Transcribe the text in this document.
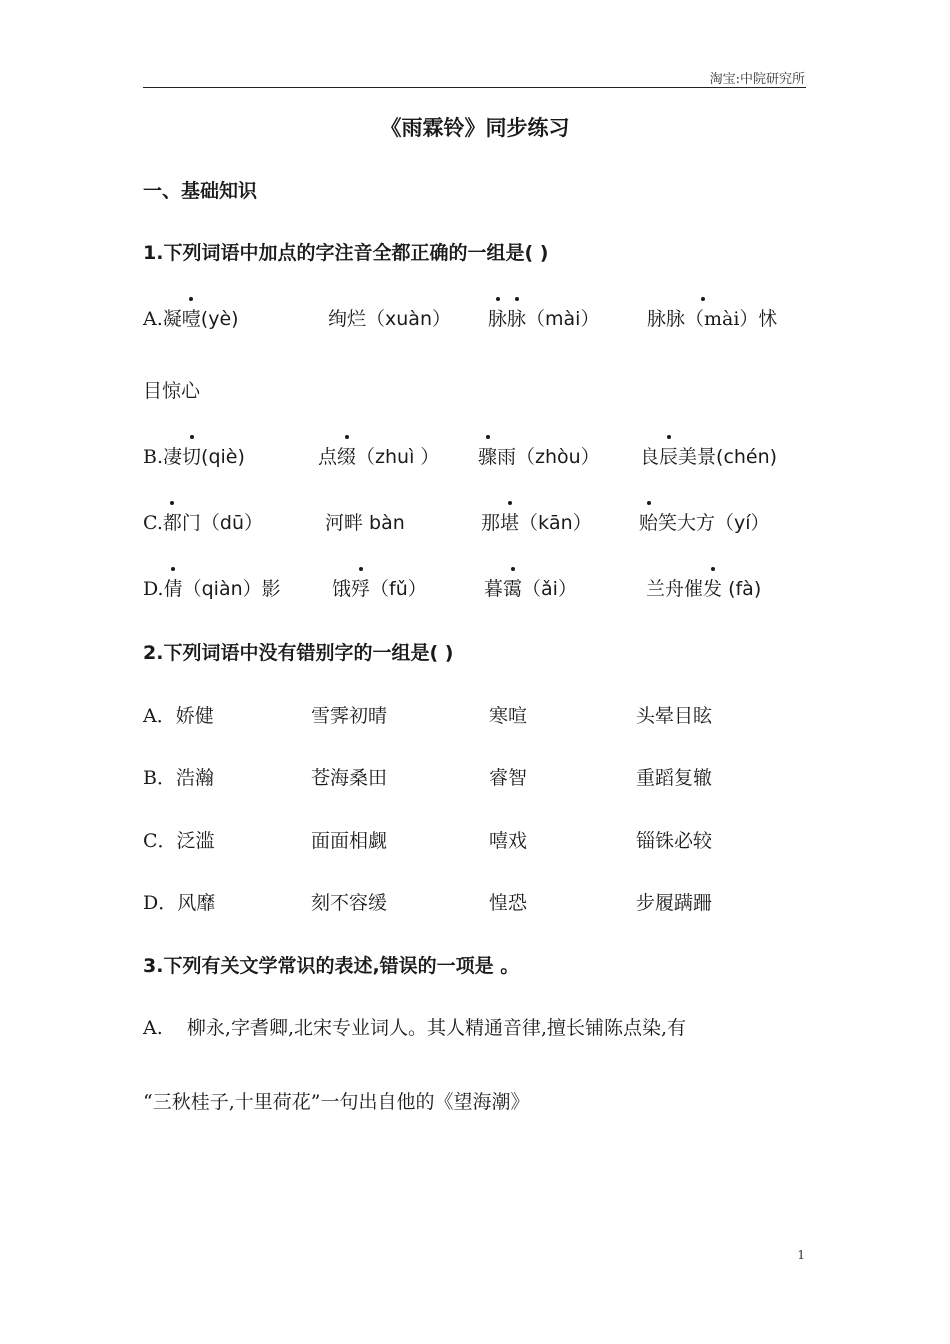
淘宝:中院研究所
《雨霖铃》同步练习
一、基础知识
1.下列词语中加点的字注音全都正确的一组是( )
A.凝噎(yè)	绚烂（xuàn） 脉脉（mài）	脉脉（mài）怵
目惊心
B.凄切(qiè)	点缀（zhuì ） 骤雨（zhòu） 良辰美景(chén)
C.都门（dū）	河畔 bàn	那堪（kān） 贻笑大方（yí）
D.倩（qiàn）影	饿殍（fǔ）	暮霭（ǎi）	兰舟催发 (fà)
2.下列词语中没有错别字的一组是( )
A．娇健	雪霁初晴	寒喧	头晕目眩
B．浩瀚	苍海桑田	睿智	重蹈复辙
C．泛滥	面面相觑	嘻戏	锱铢必较
D．风靡	刻不容缓	惶恐	步履蹒跚
3.下列有关文学常识的表述,错误的一项是 。
A.    柳永,字耆卿,北宋专业词人。其人精通音律,擅长铺陈点染,有
“三秋桂子,十里荷花”一句出自他的《望海潮》
1
